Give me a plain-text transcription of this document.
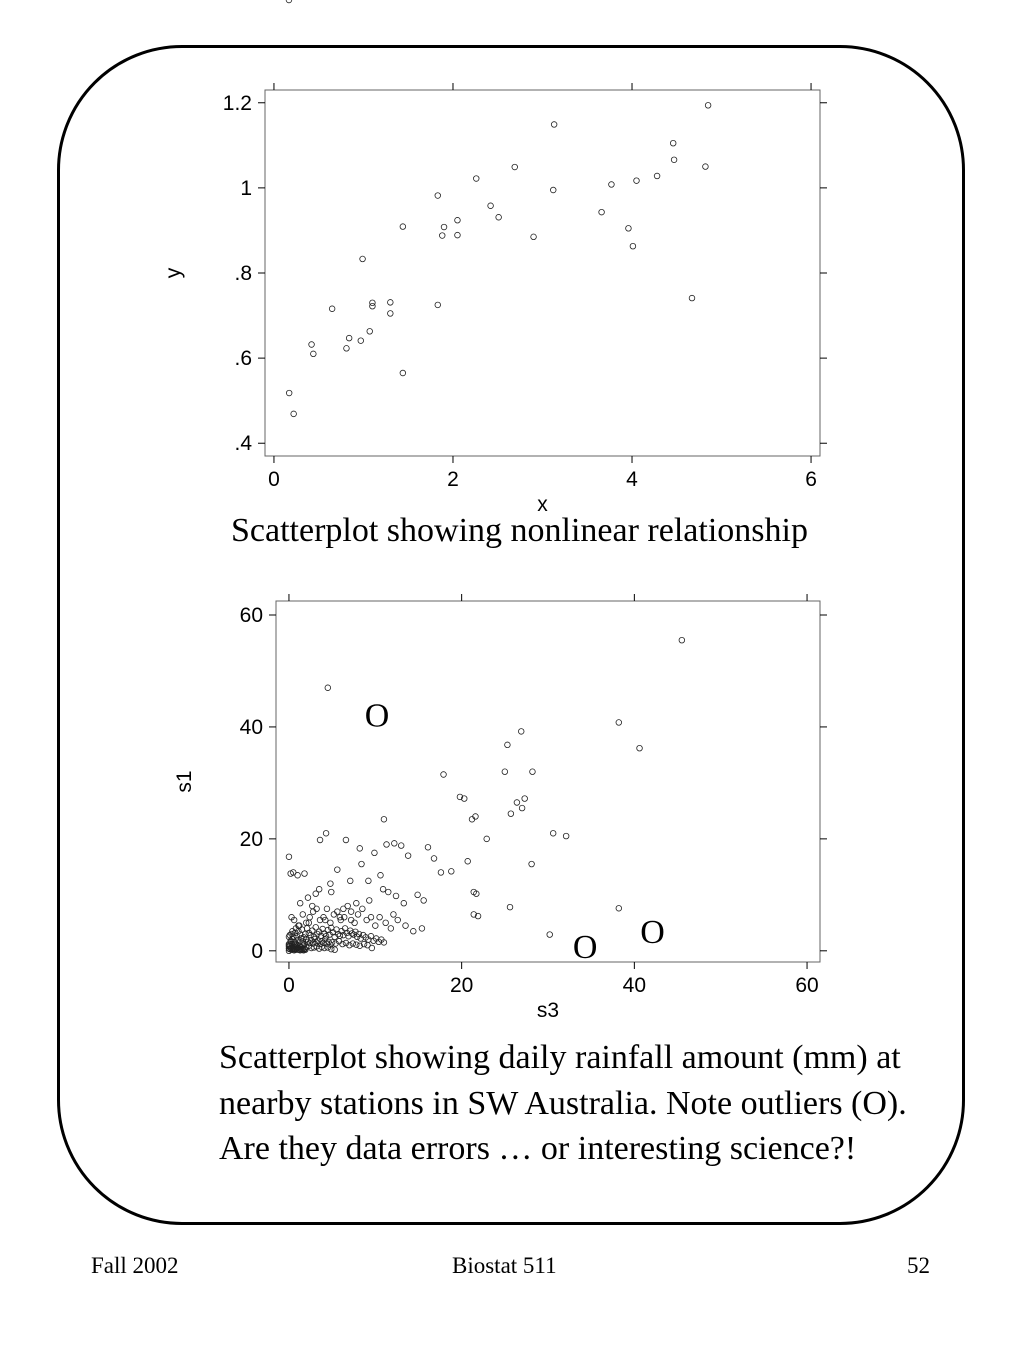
0	2	4	6
.4
.6
.8
1
1.2
x
y
0	20	40	60
0
20
40
60
s3
s1
O
O
O
Scatterplot showing nonlinear relationship
Scatterplot showing daily rainfall amount (mm) at nearby stations in SW Australia. Note outliers (O). Are they data errors … or interesting science?!
Fall 2002	Biostat 511	52
